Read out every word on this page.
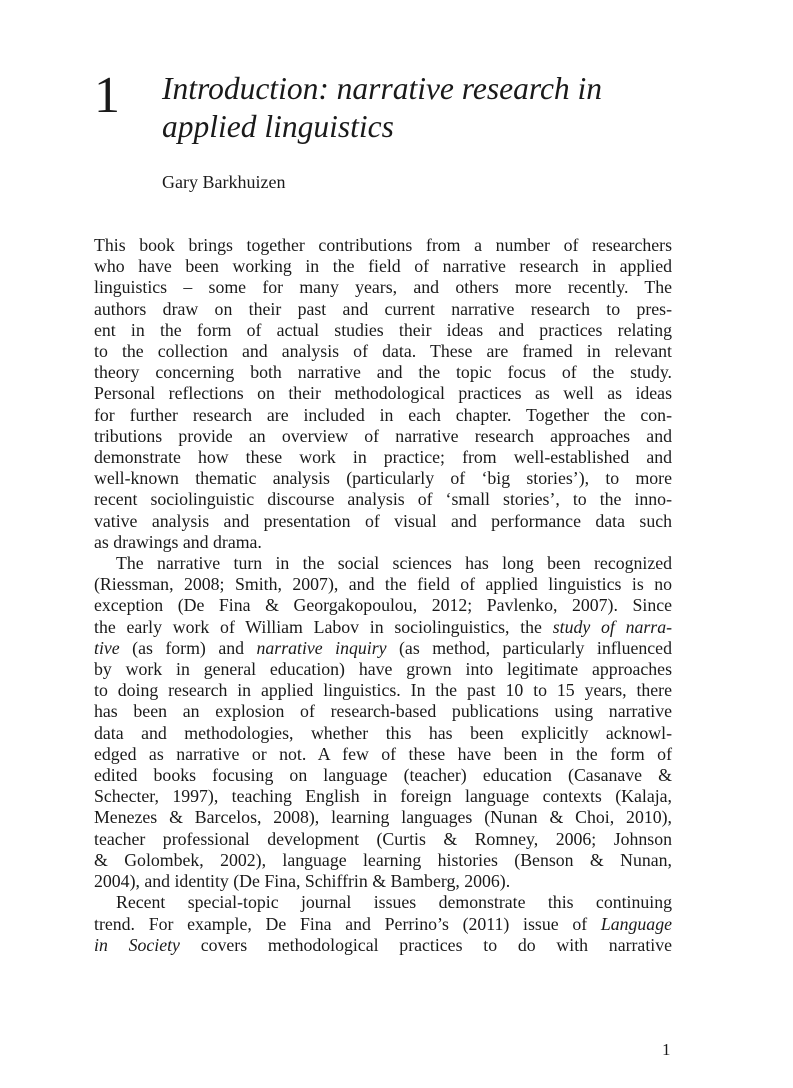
1 Introduction: narrative research in
applied linguistics
Gary Barkhuizen
This book brings together contributions from a number of researchers
who have been working in the field of narrative research in applied
linguistics – some for many years, and others more recently. The
authors draw on their past and current narrative research to pres-
ent in the form of actual studies their ideas and practices relating
to the collection and analysis of data. These are framed in relevant
theory concerning both narrative and the topic focus of the study.
Personal reflections on their methodological practices as well as ideas
for further research are included in each chapter. Together the con-
tributions provide an overview of narrative research approaches and
demonstrate how these work in practice; from well-established and
well-known thematic analysis (particularly of ‘big stories’), to more
recent sociolinguistic discourse analysis of ‘small stories’, to the inno-
vative analysis and presentation of visual and performance data such
as drawings and drama.
The narrative turn in the social sciences has long been recognized
(Riessman, 2008; Smith, 2007), and the field of applied linguistics is no
exception (De Fina & Georgakopoulou, 2012; Pavlenko, 2007). Since
the early work of William Labov in sociolinguistics, the study of narra-
tive (as form) and narrative inquiry (as method, particularly influenced
by work in general education) have grown into legitimate approaches
to doing research in applied linguistics. In the past 10 to 15 years, there
has been an explosion of research-based publications using narrative
data and methodologies, whether this has been explicitly acknowl-
edged as narrative or not. A few of these have been in the form of
edited books focusing on language (teacher) education (Casanave &
Schecter, 1997), teaching English in foreign language contexts (Kalaja,
Menezes & Barcelos, 2008), learning languages (Nunan & Choi, 2010),
teacher professional development (Curtis & Romney, 2006; Johnson
& Golombek, 2002), language learning histories (Benson & Nunan,
2004), and identity (De Fina, Schiffrin & Bamberg, 2006).
Recent special-topic journal issues demonstrate this continuing
trend. For example, De Fina and Perrino’s (2011) issue of Language
in Society covers methodological practices to do with narrative
1
